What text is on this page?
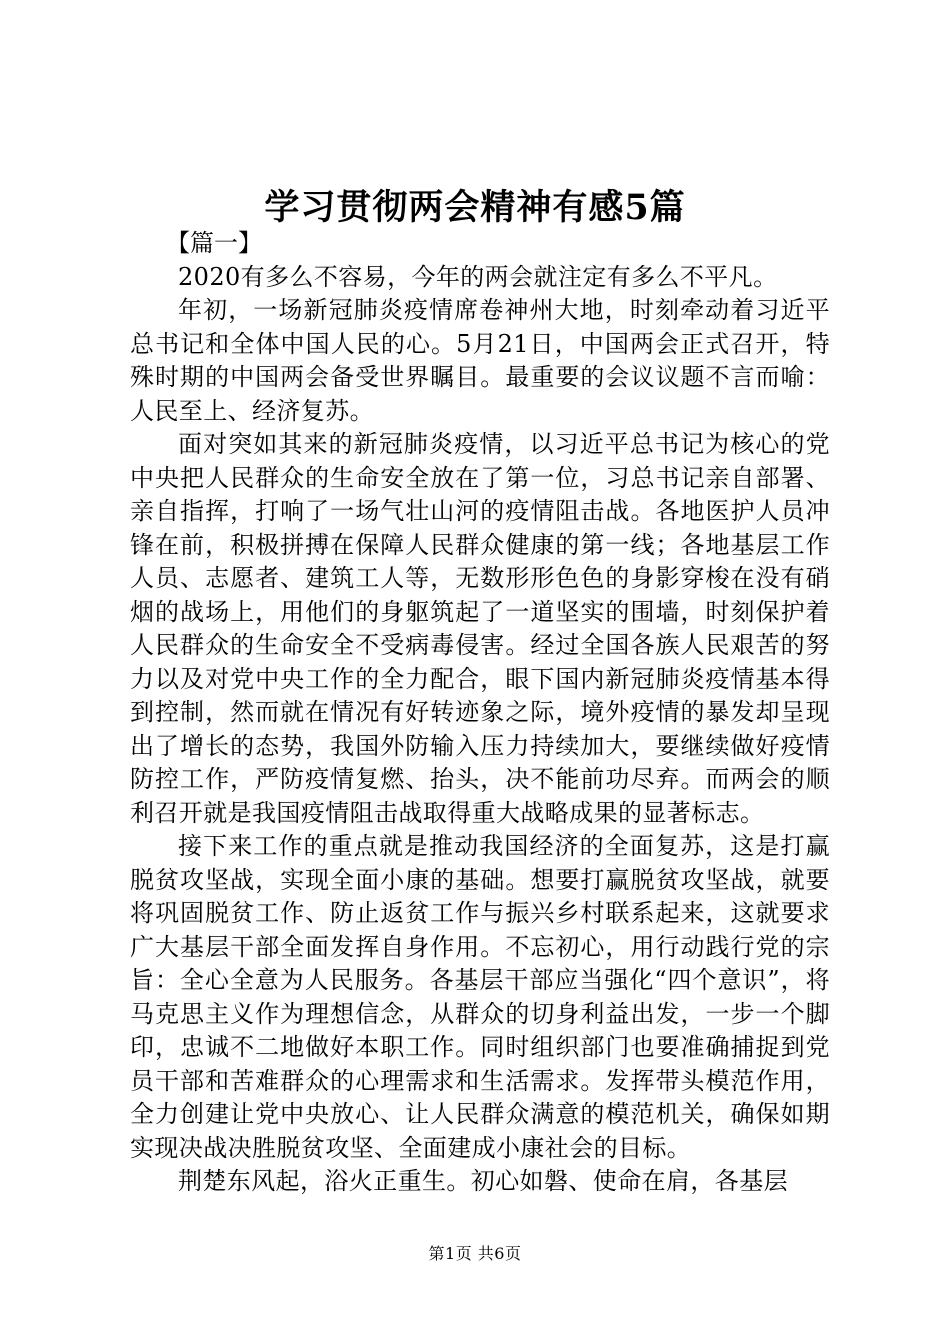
学习贯彻两会精神有感5篇

【篇一】

2020有多么不容易，今年的两会就注定有多么不平凡。

年初，一场新冠肺炎疫情席卷神州大地，时刻牵动着习近平总书记和全体中国人民的心。5月21日，中国两会正式召开，特殊时期的中国两会备受世界瞩目。最重要的会议议题不言而喻：人民至上、经济复苏。

面对突如其来的新冠肺炎疫情，以习近平总书记为核心的党中央把人民群众的生命安全放在了第一位，习总书记亲自部署、亲自指挥，打响了一场气壮山河的疫情阻击战。各地医护人员冲锋在前，积极拼搏在保障人民群众健康的第一线；各地基层工作人员、志愿者、建筑工人等，无数形形色色的身影穿梭在没有硝烟的战场上，用他们的身躯筑起了一道坚实的围墙，时刻保护着人民群众的生命安全不受病毒侵害。经过全国各族人民艰苦的努力以及对党中央工作的全力配合，眼下国内新冠肺炎疫情基本得到控制，然而就在情况有好转迹象之际，境外疫情的暴发却呈现出了增长的态势，我国外防输入压力持续加大，要继续做好疫情防控工作，严防疫情复燃、抬头，决不能前功尽弃。而两会的顺利召开就是我国疫情阻击战取得重大战略成果的显著标志。

接下来工作的重点就是推动我国经济的全面复苏，这是打赢脱贫攻坚战，实现全面小康的基础。想要打赢脱贫攻坚战，就要将巩固脱贫工作、防止返贫工作与振兴乡村联系起来，这就要求广大基层干部全面发挥自身作用。不忘初心，用行动践行党的宗旨：全心全意为人民服务。各基层干部应当强化“四个意识”，将马克思主义作为理想信念，从群众的切身利益出发，一步一个脚印，忠诚不二地做好本职工作。同时组织部门也要准确捕捉到党员干部和苦难群众的心理需求和生活需求。发挥带头模范作用，全力创建让党中央放心、让人民群众满意的模范机关，确保如期实现决战决胜脱贫攻坚、全面建成小康社会的目标。

荆楚东风起，浴火正重生。初心如磐、使命在肩，各基层

第1页 共6页
